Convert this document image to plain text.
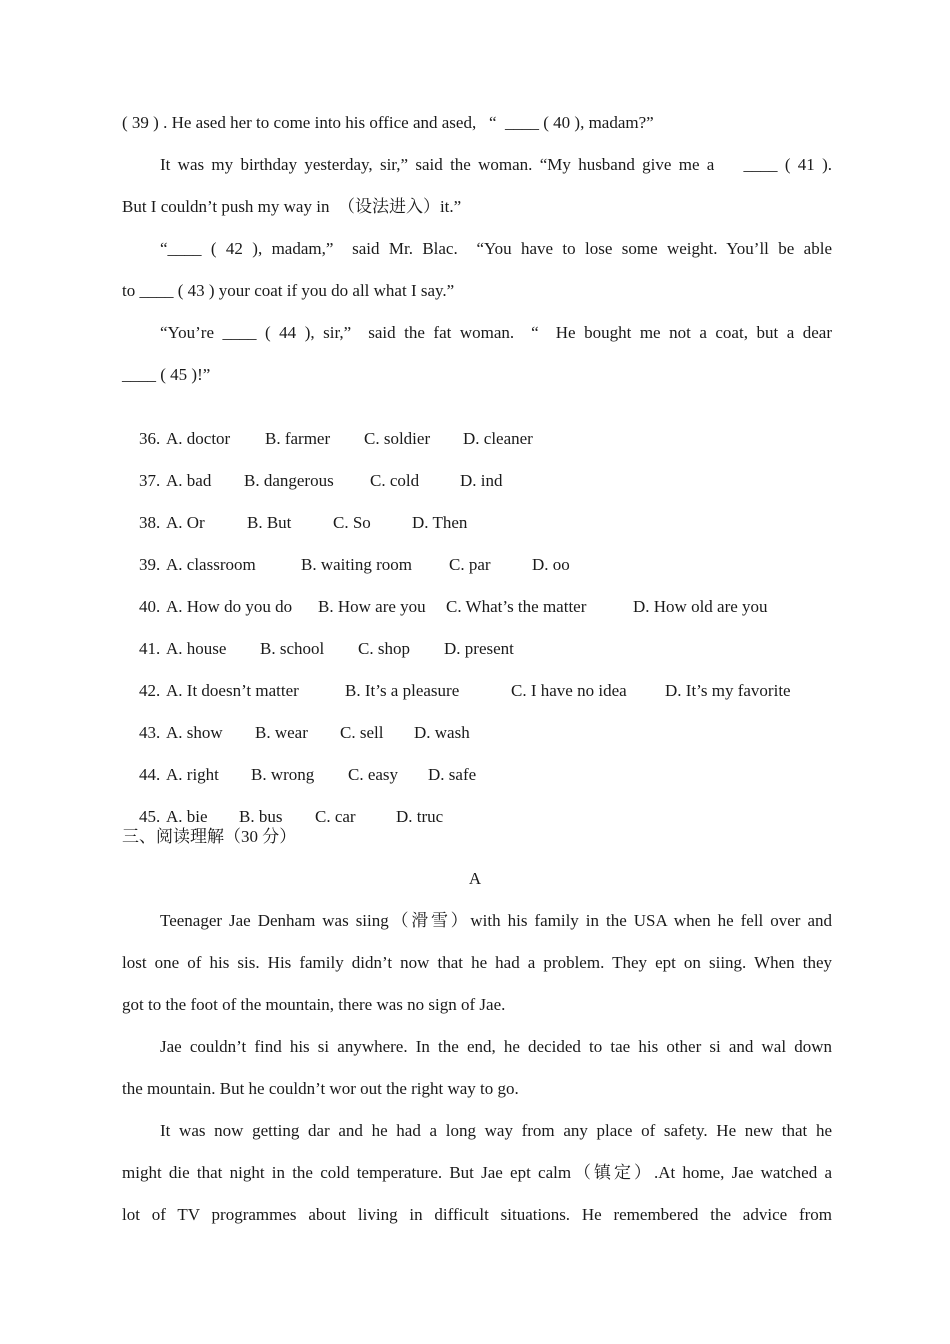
( 39 ) . He ased her to come into his office and ased,   “  ____ ( 40 ), madam?”
It was my birthday yesterday, sir,” said the woman. “My husband give me a    ____ ( 41 ).
But I couldn’t push my way in  （设法进入）it.”
“____ ( 42 ), madam,”  said Mr. Blac.  “You have to lose some weight. You’ll be able
to ____ ( 43 ) your coat if you do all what I say.”
“You’re ____ ( 44 ), sir,”  said the fat woman.  “  He bought me not a coat, but a dear
____ ( 45 )!”

36. A. doctor B. farmer C. soldier D. cleaner

37. A. bad B. dangerous C. cold D. ind

38. A. Or B. But C. So D. Then

39. A. classroom	B. waiting room C. par D. oo

40. A. How do you do B. How are you C. What’s the matter	D. How old are you

41. A. house B. school C. shop D. present

42. A. It doesn’t matter	B. It’s a pleasure	C. I have no idea D. It’s my favorite

43. A. show B. wear C. sell D. wash

44. A. right B. wrong C. easy D. safe

45. A. bie B. bus C. car D. truc

三、阅读理解（30 分）
A
Teenager Jae Denham was siing（滑雪）with his family in the USA when he fell over and
lost one of his sis. His family didn’t now that he had a problem. They ept on siing. When they
got to the foot of the mountain, there was no sign of Jae.
Jae couldn’t find his si anywhere. In the end, he decided to tae his other si and wal down
the mountain. But he couldn’t wor out the right way to go.
It was now getting dar and he had a long way from any place of safety. He new that he
might die that night in the cold temperature. But Jae ept calm（镇定）.At home, Jae watched a
lot of TV programmes about living in difficult situations. He remembered the advice from
